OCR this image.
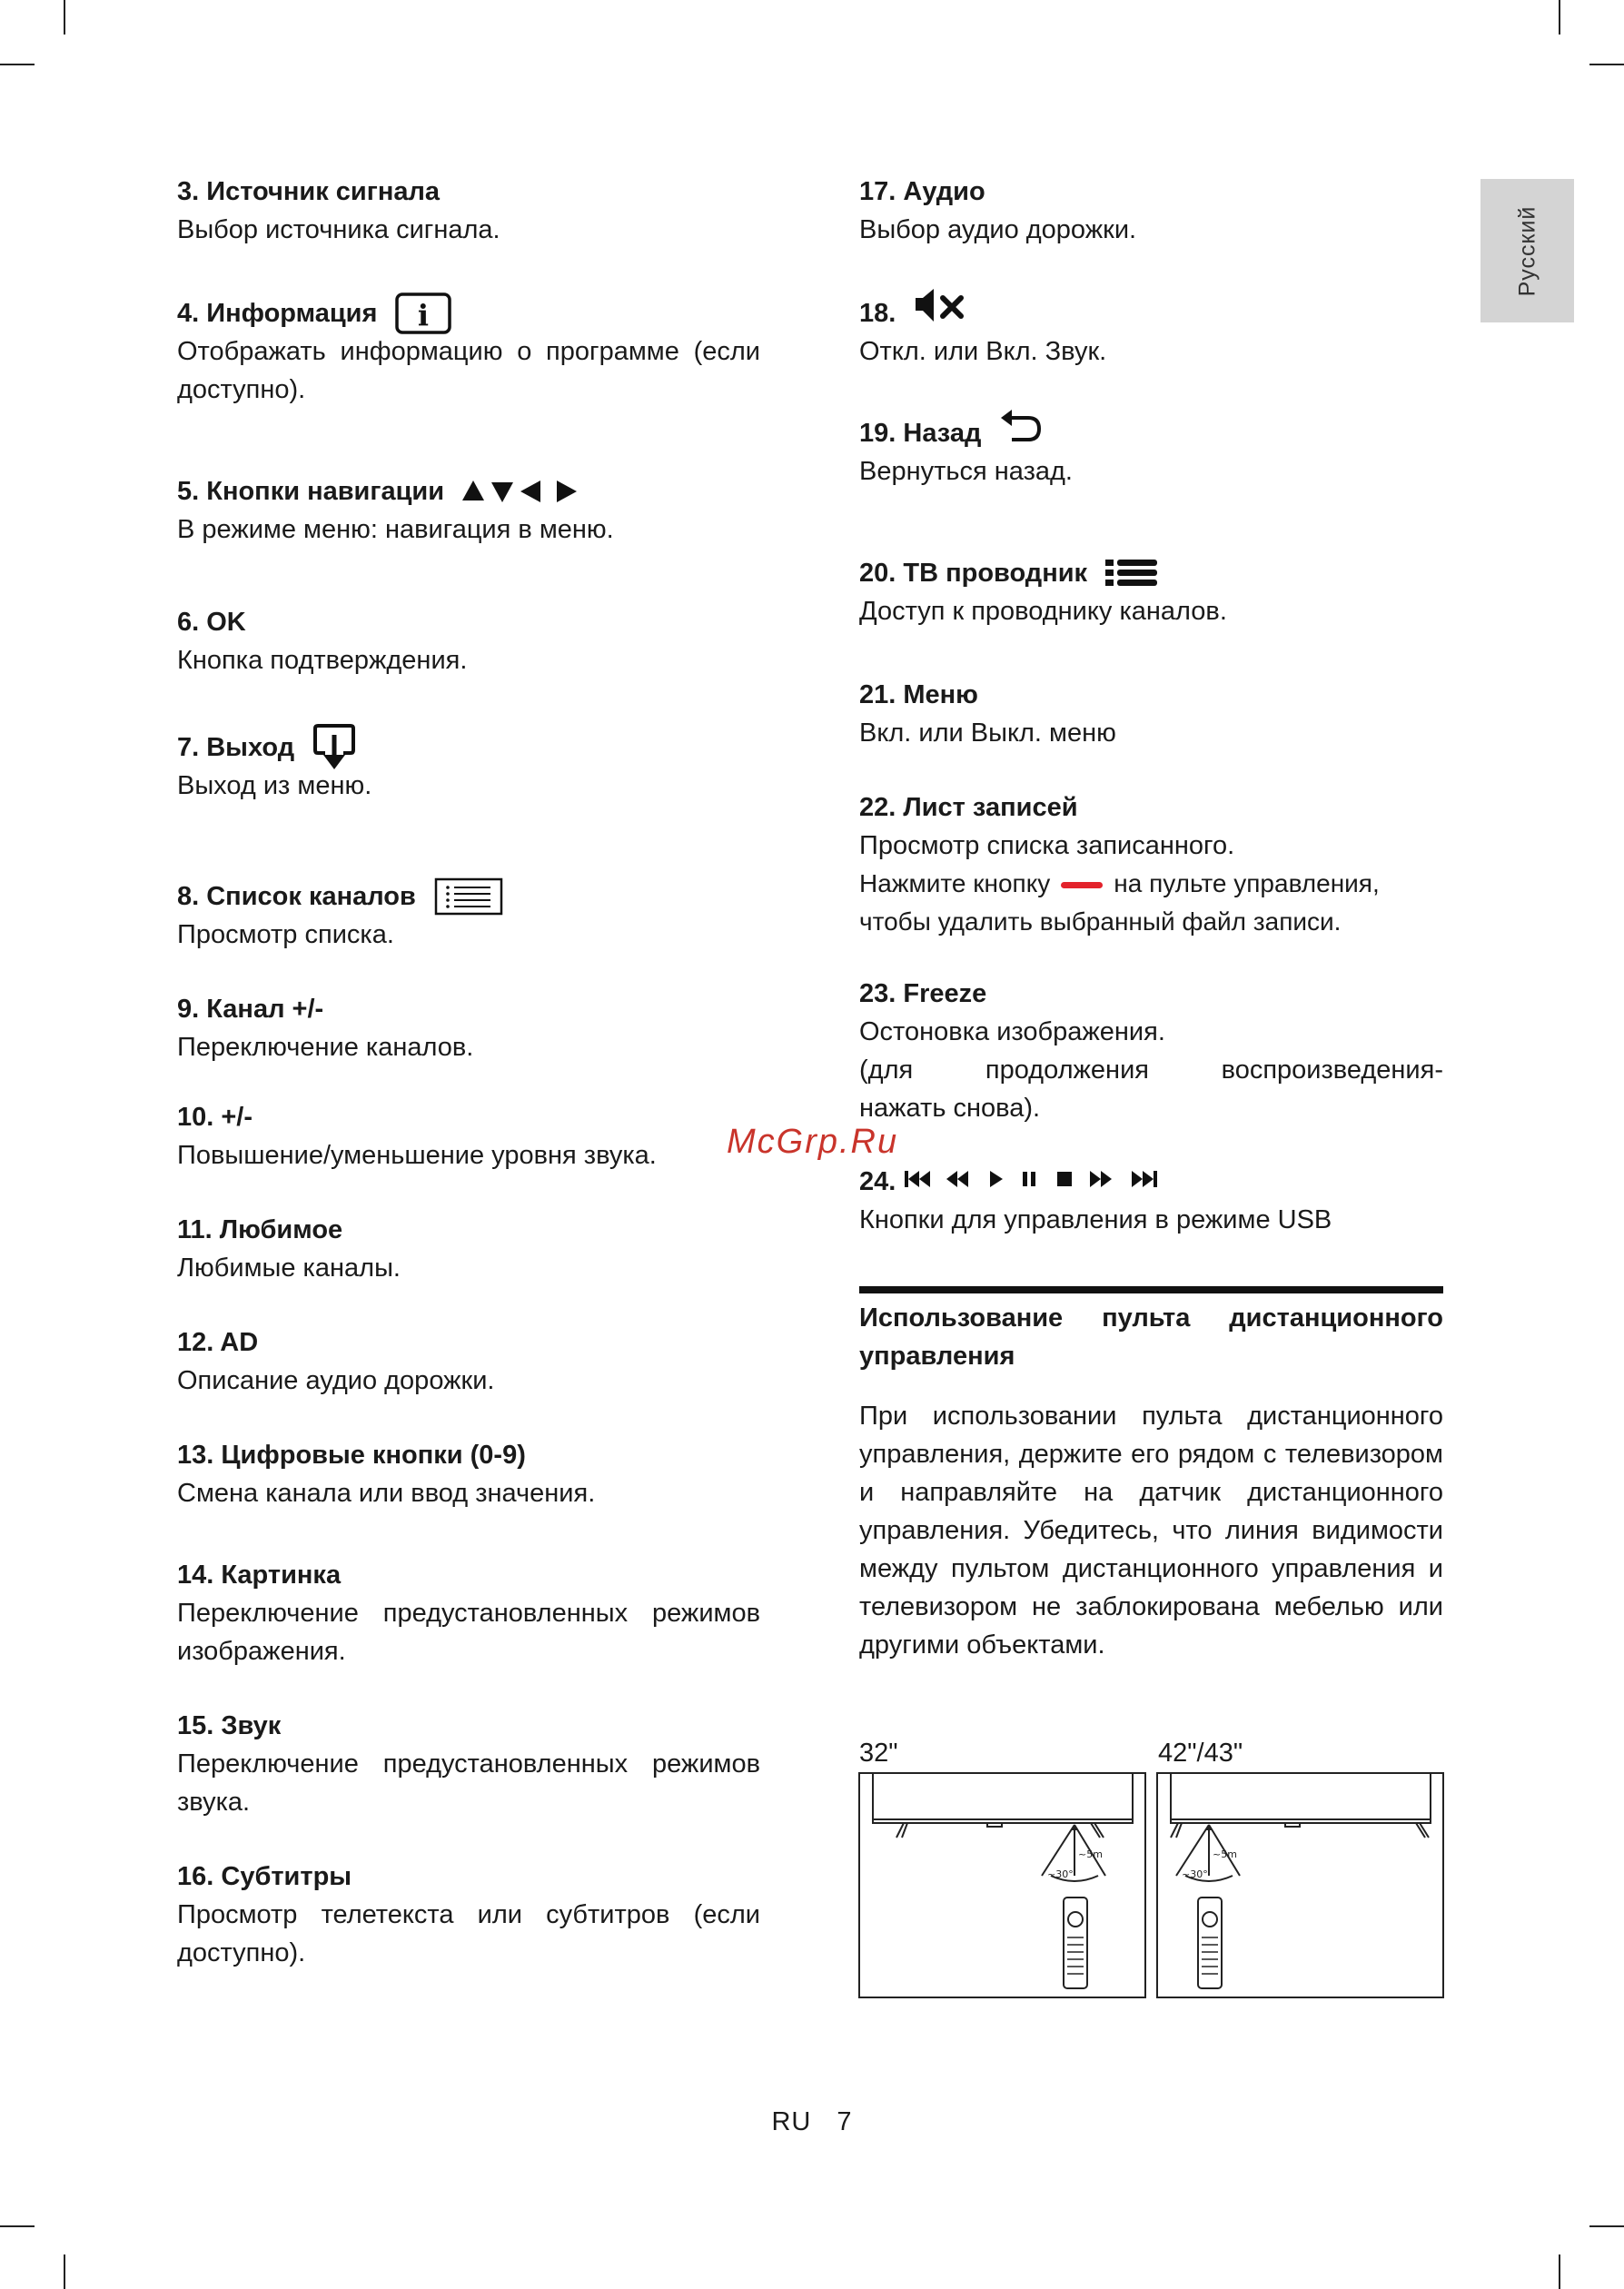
Русский
3. Источник сигнала
Выбор источника сигнала.
4. Информация i
Отображать информацию о программе (если доступно).
5. Кнопки навигации
В режиме меню: навигация в меню.
6. OK
Кнопка подтверждения.
7. Выход
Выход из меню.
8. Список каналов
Просмотр списка.
9. Канал +/-
Переключение каналов.
10. +/-
Повышение/уменьшение уровня звука.
11. Любимое
Любимые каналы.
12. AD
Описание аудио дорожки.
13. Цифровые кнопки (0-9)
Смена канала или ввод значения.
14. Картинка
Переключение предустановленных режимов изображения.
15. Звук
Переключение предустановленных режимов звука.
16. Субтитры
Просмотр телетекста или субтитров (если доступно).
17. Аудио
Выбор аудио дорожки.
18.
Откл. или Вкл. Звук.
19. Назад
Вернуться назад.
20. ТВ проводник
Доступ к проводнику каналов.
21. Меню
Вкл. или Выкл. меню
22. Лист записей
Просмотр списка записанного.
Нажмите кнопку	на пульте управления,
чтобы удалить выбранный файл записи.
23. Freeze
Остоновка изображения.
(для продолжения воспроизведения-
нажать снова).
24.
Кнопки для управления в режиме USB
McGrp.Ru
Использование пульта дистанционного
управления
При использовании пульта дистанционного управления, держите его рядом с телевизором и направляйте на датчик дистанционного управления. Убедитесь, что линия видимости между пультом дистанционного управления и телевизором не заблокирована мебелью или другими объектами.
32"	42"/43"
~5m
~30°
~5m
~30°
RU 7
